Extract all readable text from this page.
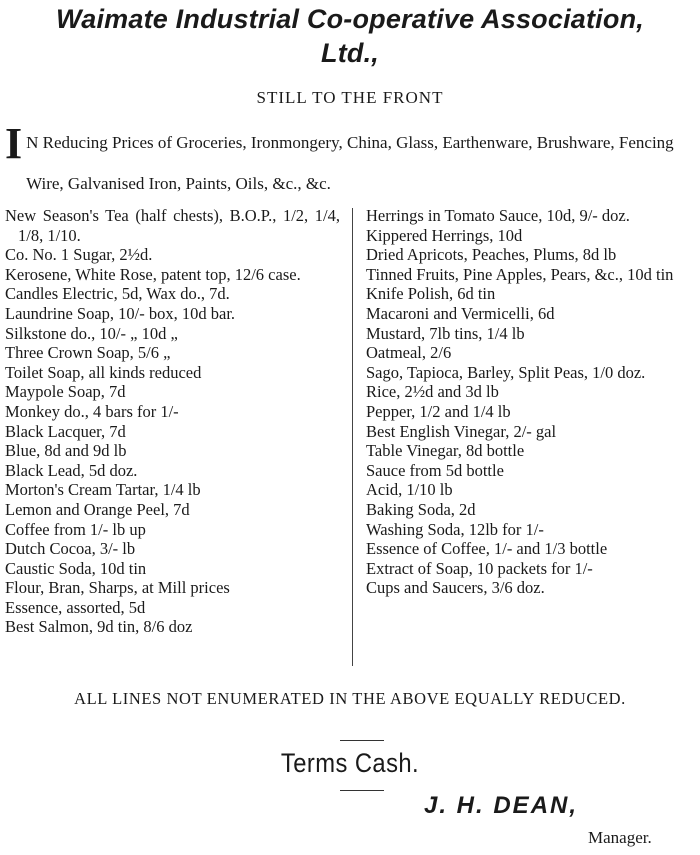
Waimate Industrial Co-operative Association,
Ltd.,
STILL TO THE FRONT
I N Reducing Prices of Groceries, Ironmongery, China, Glass, Earthenware, Brushware, Fencing Wire, Galvanised Iron, Paints, Oils, &c., &c.
New Season's Tea (half chests), B.O.P., 1/2, 1/4, 1/8, 1/10.
Co. No. 1 Sugar, 2½d.
Kerosene, White Rose, patent top, 12/6 case.
Candles Electric, 5d, Wax do., 7d.
Laundrine Soap, 10/- box, 10d bar.
Silkstone do., 10/- „ 10d „
Three Crown Soap, 5/6 „
Toilet Soap, all kinds reduced
Maypole Soap, 7d
Monkey do., 4 bars for 1/-
Black Lacquer, 7d
Blue, 8d and 9d lb
Black Lead, 5d doz.
Morton's Cream Tartar, 1/4 lb
Lemon and Orange Peel, 7d
Coffee from 1/- lb up
Dutch Cocoa, 3/- lb
Caustic Soda, 10d tin
Flour, Bran, Sharps, at Mill prices
Essence, assorted, 5d
Best Salmon, 9d tin, 8/6 doz
Herrings in Tomato Sauce, 10d, 9/- doz.
Kippered Herrings, 10d
Dried Apricots, Peaches, Plums, 8d lb
Tinned Fruits, Pine Apples, Pears, &c., 10d tin
Knife Polish, 6d tin
Macaroni and Vermicelli, 6d
Mustard, 7lb tins, 1/4 lb
Oatmeal, 2/6
Sago, Tapioca, Barley, Split Peas, 1/0 doz.
Rice, 2½d and 3d lb
Pepper, 1/2 and 1/4 lb
Best English Vinegar, 2/- gal
Table Vinegar, 8d bottle
Sauce from 5d bottle
Acid, 1/10 lb
Baking Soda, 2d
Washing Soda, 12lb for 1/-
Essence of Coffee, 1/- and 1/3 bottle
Extract of Soap, 10 packets for 1/-
Cups and Saucers, 3/6 doz.
ALL LINES NOT ENUMERATED IN THE ABOVE EQUALLY REDUCED.
Terms Cash.
J. H. DEAN,
Manager.
